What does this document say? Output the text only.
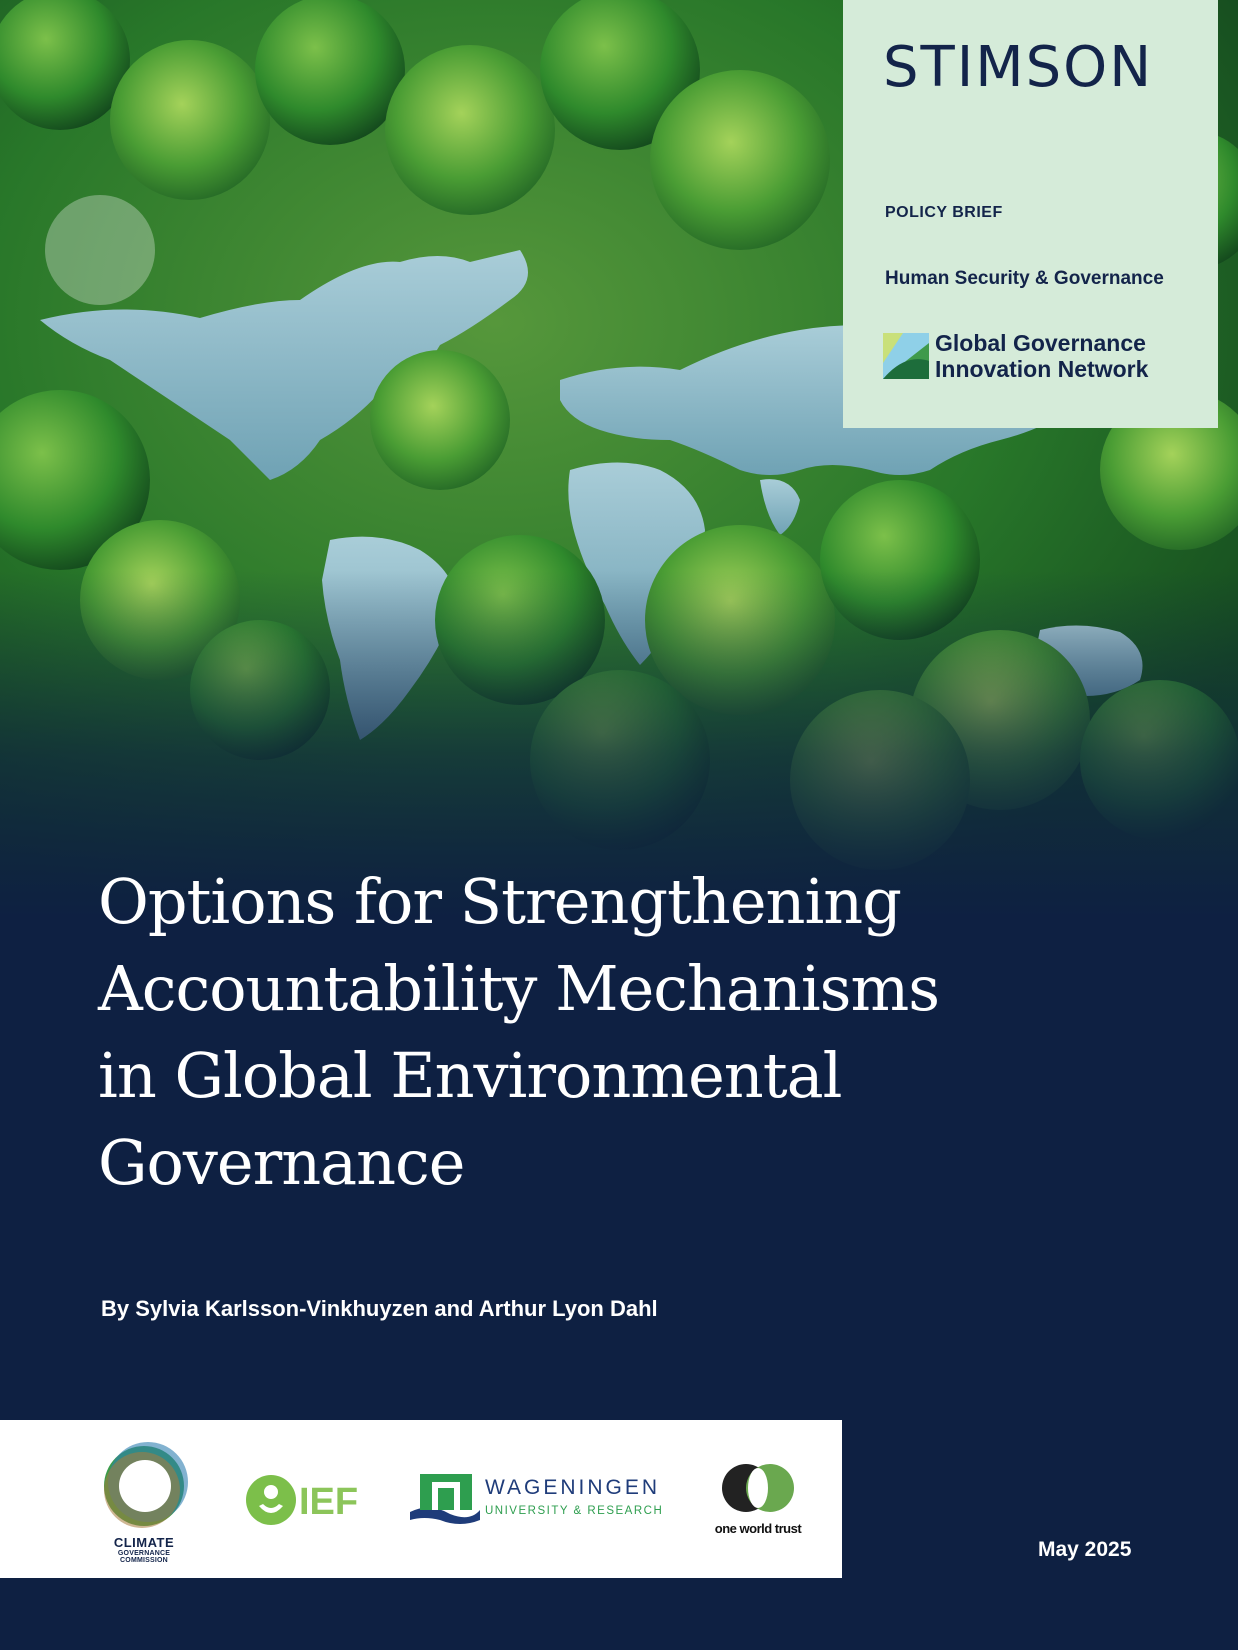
STIMSON
POLICY BRIEF
Human Security & Governance
Global Governance
Innovation Network
Options for Strengthening
Accountability Mechanisms
in Global Environmental
Governance
By Sylvia Karlsson-Vinkhuyzen and Arthur Lyon Dahl
CLIMATE
GOVERNANCE COMMISSION
IEF	WAGENINGEN
UNIVERSITY & RESEARCH
one world trust
May 2025
